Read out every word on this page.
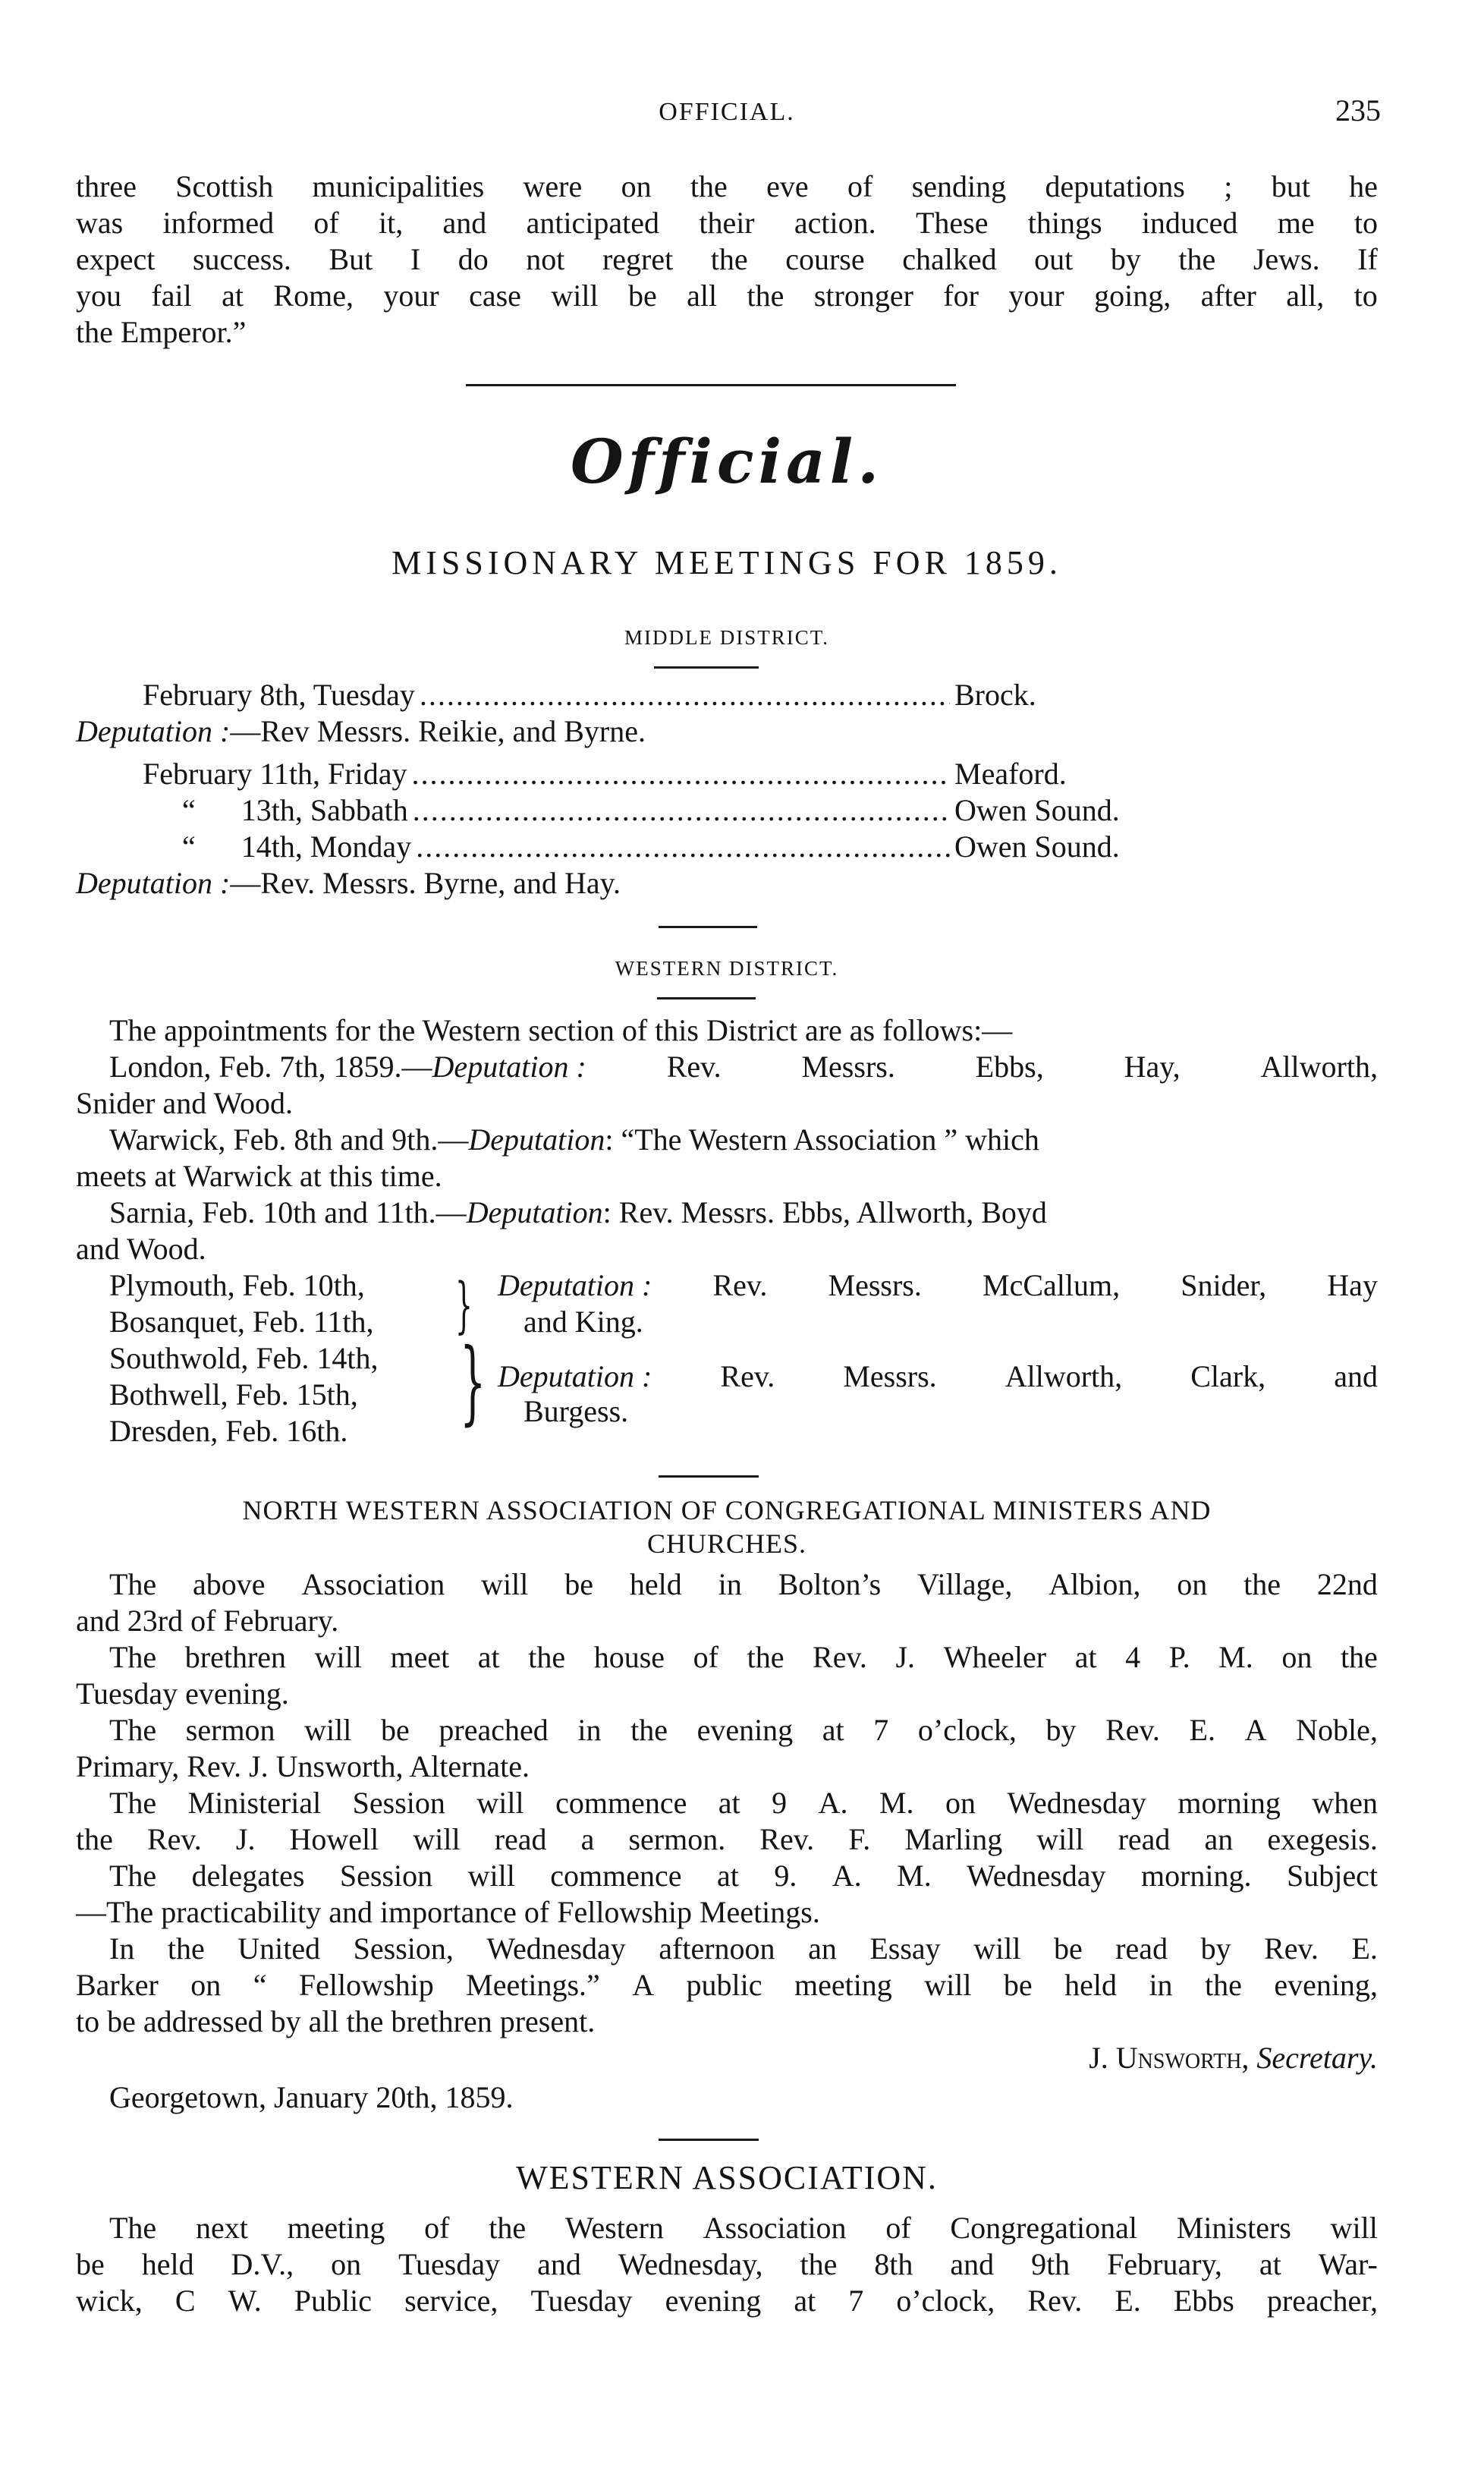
OFFICIAL.	235
three Scottish municipalities were on the eve of sending deputations ; but he
was informed of it, and anticipated their action. These things induced me to
expect success. But I do not regret the course chalked out by the Jews. If
you fail at Rome, your case will be all the stronger for your going, after all, to
the Emperor.”
Official.
MISSIONARY MEETINGS FOR 1859.
MIDDLE DISTRICT.
February 8th, Tuesday .....	Brock.
Deputation :—Rev Messrs. Reikie, and Byrne.
February 11th, Friday .....	Meaford.
“      13th, Sabbath .....	Owen Sound.
“      14th, Monday .....	Owen Sound.
Deputation :—Rev. Messrs. Byrne, and Hay.
WESTERN DISTRICT.
The appointments for the Western section of this District are as follows:—
London, Feb. 7th, 1859.—Deputation :	Rev.	Messrs.	Ebbs,	Hay,	Allworth,
Snider and Wood.
Warwick, Feb. 8th and 9th.—Deputation: “The Western Association ” which
meets at Warwick at this time.
Sarnia, Feb. 10th and 11th.—Deputation: Rev. Messrs. Ebbs, Allworth, Boyd
and Wood.
Plymouth, Feb. 10th,
Bosanquet, Feb. 11th, } Deputation : Rev. Messrs. McCallum, Snider, Hay
and King.
Southwold, Feb. 14th,
Bothwell, Feb. 15th,
Dresden, Feb. 16th. } Deputation : Rev. Messrs. Allworth, Clark, and
Burgess.
NORTH WESTERN ASSOCIATION OF CONGREGATIONAL MINISTERS AND
CHURCHES.
The above Association will be held in Bolton’s Village, Albion, on the 22nd
and 23rd of February.
The brethren will meet at the house of the Rev. J. Wheeler at 4 P. M. on the
Tuesday evening.
The sermon will be preached in the evening at 7 o’clock, by Rev. E. A Noble,
Primary, Rev. J. Unsworth, Alternate.
The Ministerial Session will commence at 9 A. M. on Wednesday morning when
the Rev. J. Howell will read a sermon. Rev. F. Marling will read an exegesis.
The delegates Session will commence at 9. A. M. Wednesday morning. Subject
—The practicability and importance of Fellowship Meetings.
In the United Session, Wednesday afternoon an Essay will be read by Rev. E.
Barker on “ Fellowship Meetings.” A public meeting will be held in the evening,
to be addressed by all the brethren present.
J. Unsworth, Secretary.
Georgetown, January 20th, 1859.
WESTERN ASSOCIATION.
The next meeting of the Western Association of Congregational Ministers will
be held D.V., on Tuesday and Wednesday, the 8th and 9th February, at War-
wick, C W. Public service, Tuesday evening at 7 o’clock, Rev. E. Ebbs preacher,
